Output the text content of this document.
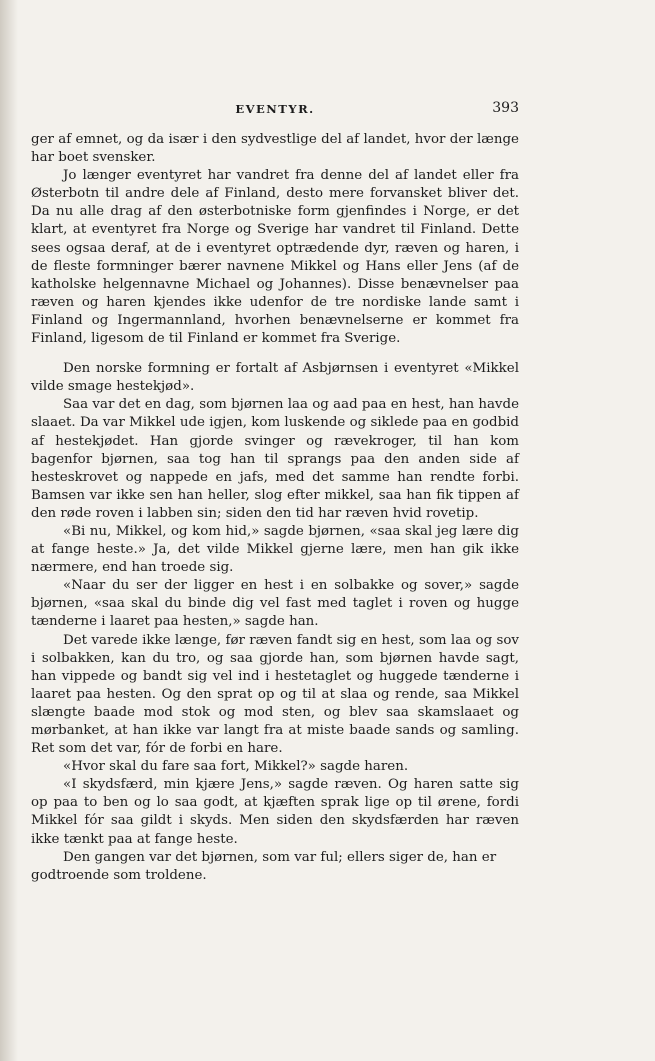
EVENTYR.	393

ger af emnet, og da især i den sydvestlige del af landet, hvor der længe har boet svensker.

Jo længer eventyret har vandret fra denne del af landet eller fra Østerbotn til andre dele af Finland, desto mere forvansket bliver det. Da nu alle drag af den østerbotniske form gjenfindes i Norge, er det klart, at eventyret fra Norge og Sverige har vandret til Finland. Dette sees ogsaa deraf, at de i eventyret optrædende dyr, ræven og haren, i de fleste formninger bærer navnene Mikkel og Hans eller Jens (af de katholske helgennavne Michael og Johannes). Disse benævnelser paa ræven og haren kjendes ikke udenfor de tre nordiske lande samt i Finland og Ingermannland, hvorhen benævnelserne er kommet fra Finland, ligesom de til Finland er kommet fra Sverige.

Den norske formning er fortalt af Asbjørnsen i eventyret «Mikkel vilde smage hestekjød».

Saa var det en dag, som bjørnen laa og aad paa en hest, han havde slaaet. Da var Mikkel ude igjen, kom luskende og siklede paa en godbid af hestekjødet. Han gjorde svinger og rævekroger, til han kom bagenfor bjørnen, saa tog han til sprangs paa den anden side af hesteskrovet og nappede en jafs, med det samme han rendte forbi. Bamsen var ikke sen han heller, slog efter mikkel, saa han fik tippen af den røde roven i labben sin; siden den tid har ræven hvid rovetip.

«Bi nu, Mikkel, og kom hid,» sagde bjørnen, «saa skal jeg lære dig at fange heste.» Ja, det vilde Mikkel gjerne lære, men han gik ikke nærmere, end han troede sig.

«Naar du ser der ligger en hest i en solbakke og sover,» sagde bjørnen, «saa skal du binde dig vel fast med taglet i roven og hugge tænderne i laaret paa hesten,» sagde han.

Det varede ikke længe, før ræven fandt sig en hest, som laa og sov i solbakken, kan du tro, og saa gjorde han, som bjørnen havde sagt, han vippede og bandt sig vel ind i hestetaglet og huggede tænderne i laaret paa hesten. Og den sprat op og til at slaa og rende, saa Mikkel slængte baade mod stok og mod sten, og blev saa skamslaaet og mørbanket, at han ikke var langt fra at miste baade sands og samling. Ret som det var, fór de forbi en hare.

«Hvor skal du fare saa fort, Mikkel?» sagde haren.

«I skydsfærd, min kjære Jens,» sagde ræven. Og haren satte sig op paa to ben og lo saa godt, at kjæften sprak lige op til ørene, fordi Mikkel fór saa gildt i skyds. Men siden den skydsfærden har ræven ikke tænkt paa at fange heste.

Den gangen var det bjørnen, som var ful; ellers siger de, han er godtroende som troldene.
